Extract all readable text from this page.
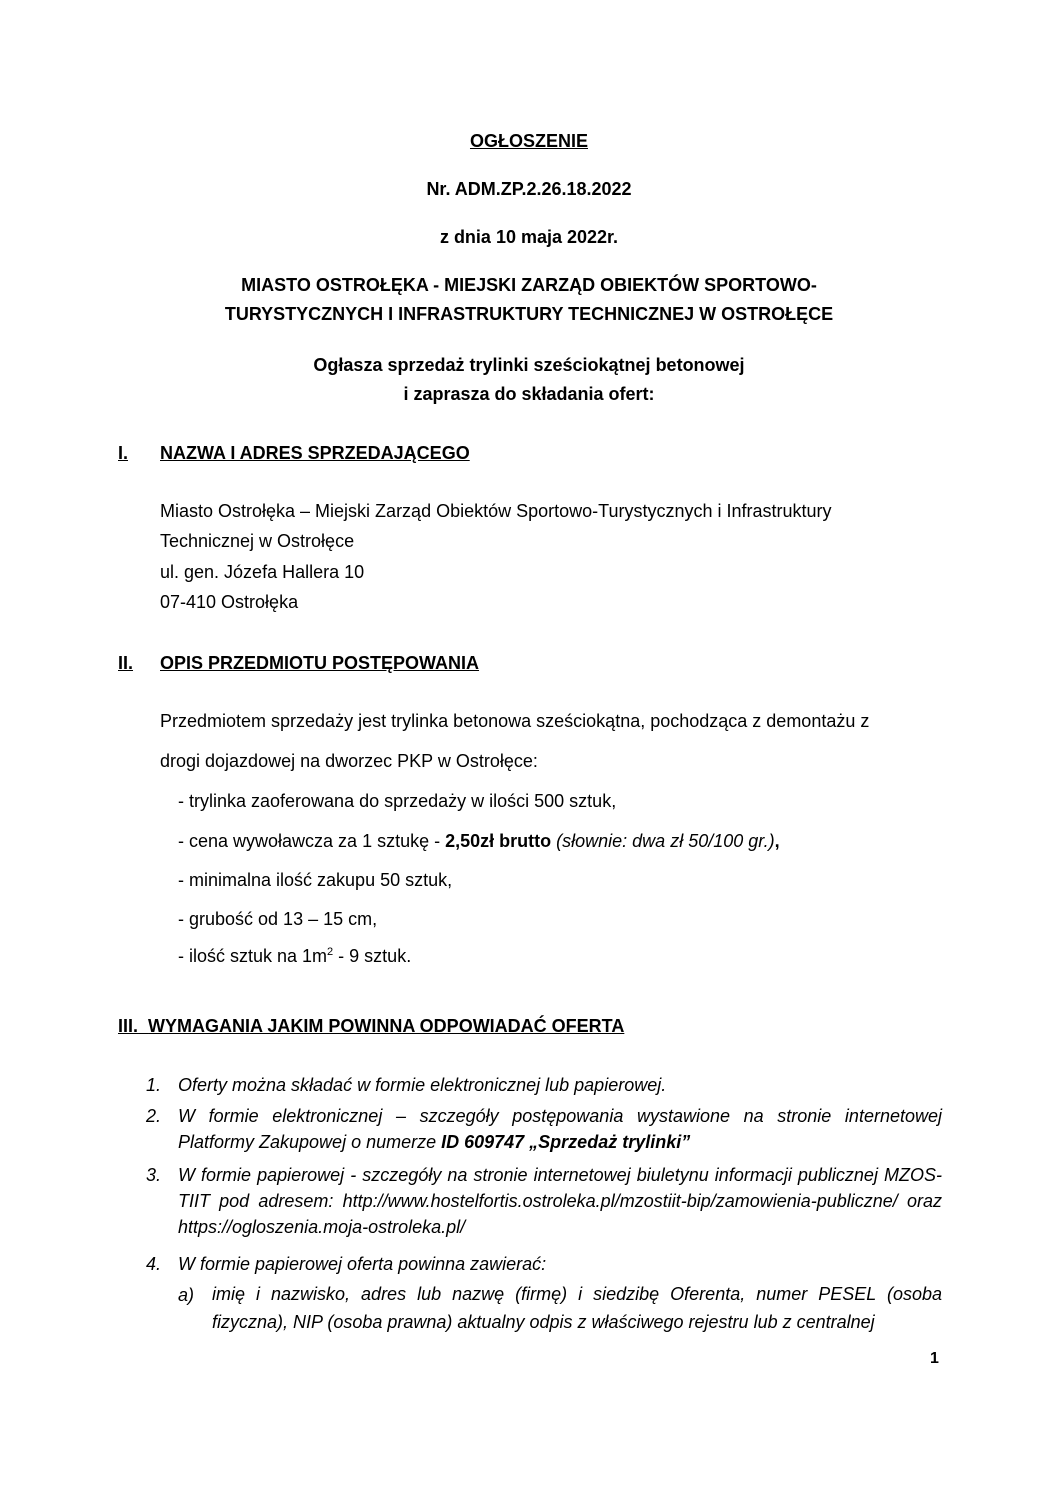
OGŁOSZENIE
Nr. ADM.ZP.2.26.18.2022
z dnia 10 maja 2022r.
MIASTO OSTROŁĘKA - MIEJSKI ZARZĄD OBIEKTÓW SPORTOWO-
TURYSTYCZNYCH I INFRASTRUKTURY TECHNICZNEJ W OSTROŁĘCE
Ogłasza sprzedaż trylinki sześciokątnej betonowej
i zaprasza do składania ofert:
I. NAZWA I ADRES SPRZEDAJĄCEGO
Miasto Ostrołęka – Miejski Zarząd Obiektów Sportowo-Turystycznych i Infrastruktury
Technicznej w Ostrołęce
ul. gen. Józefa Hallera 10
07-410 Ostrołęka
II. OPIS PRZEDMIOTU POSTĘPOWANIA
Przedmiotem sprzedaży jest trylinka betonowa sześciokątna, pochodząca z demontażu z
drogi dojazdowej na dworzec PKP w Ostrołęce:
- trylinka zaoferowana do sprzedaży w ilości 500 sztuk,
- cena wywoławcza za 1 sztukę - 2,50zł brutto (słownie: dwa zł 50/100 gr.),
- minimalna ilość zakupu 50 sztuk,
- grubość od 13 – 15 cm,
- ilość sztuk na $1m^2 - 9$ sztuk.
III. WYMAGANIA JAKIM POWINNA ODPOWIADAĆ OFERTA
1. Oferty można składać w formie elektronicznej lub papierowej.
2. W formie elektronicznej – szczegóły postępowania wystawione na stronie internetowej Platformy Zakupowej o numerze ID 609747 „Sprzedaż trylinki”
3. W formie papierowej - szczegóły na stronie internetowej biuletynu informacji publicznej MZOS-TIIT pod adresem: http://www.hostelfortis.ostroleka.pl/mzostiit-bip/zamowienia-publiczne/ oraz https://ogloszenia.moja-ostroleka.pl/
4. W formie papierowej oferta powinna zawierać:
a) imię i nazwisko, adres lub nazwę (firmę) i siedzibę Oferenta, numer PESEL (osoba fizyczna), NIP (osoba prawna) aktualny odpis z właściwego rejestru lub z centralnej
1
